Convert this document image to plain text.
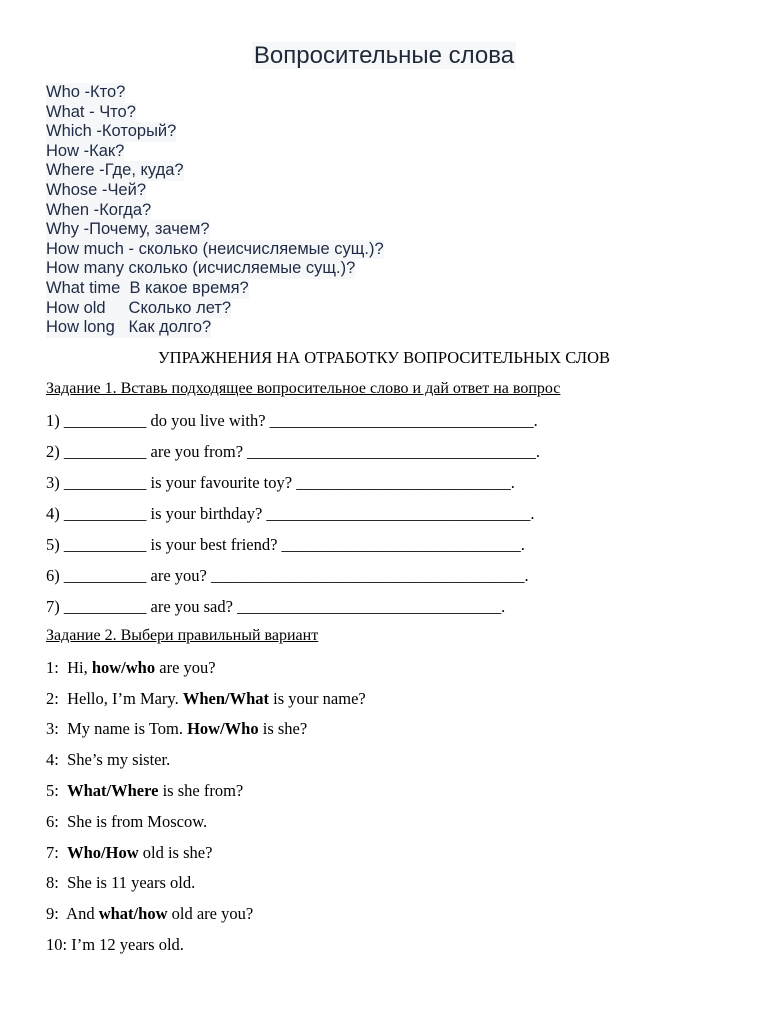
Вопросительные слова
Who - Кто?
What - Что?
Which - Который?
How - Как?
Where - Где, куда?
Whose - Чей?
When - Когда?
Why - Почему, зачем?
How much - сколько (неисчисляемые сущ.)?
How many сколько (исчисляемые сущ.)?
What time В какое время?
How old Сколько лет?
How long Как долго?
УПРАЖНЕНИЯ НА ОТРАБОТКУ ВОПРОСИТЕЛЬНЫХ СЛОВ
Задание 1. Вставь подходящее вопросительное слово и дай ответ на вопрос
1) __________ do you live with? ________________________________.
2) __________ are you from? ___________________________________.
3) __________ is your favourite toy? __________________________.
4) __________ is your birthday? ________________________________.
5) __________ is your best friend? _____________________________.
6) __________ are you? ______________________________________.
7) __________ are you sad? ________________________________.
Задание 2. Выбери правильный вариант
1:  Hi, how/who are you?
2:  Hello, I’m Mary. When/What is your name?
3:  My name is Tom. How/Who is she?
4:  She’s my sister.
5:  What/Where is she from?
6:  She is from Moscow.
7:  Who/How old is she?
8:  She is 11 years old.
9:  And what/how old are you?
10: I’m 12 years old.
